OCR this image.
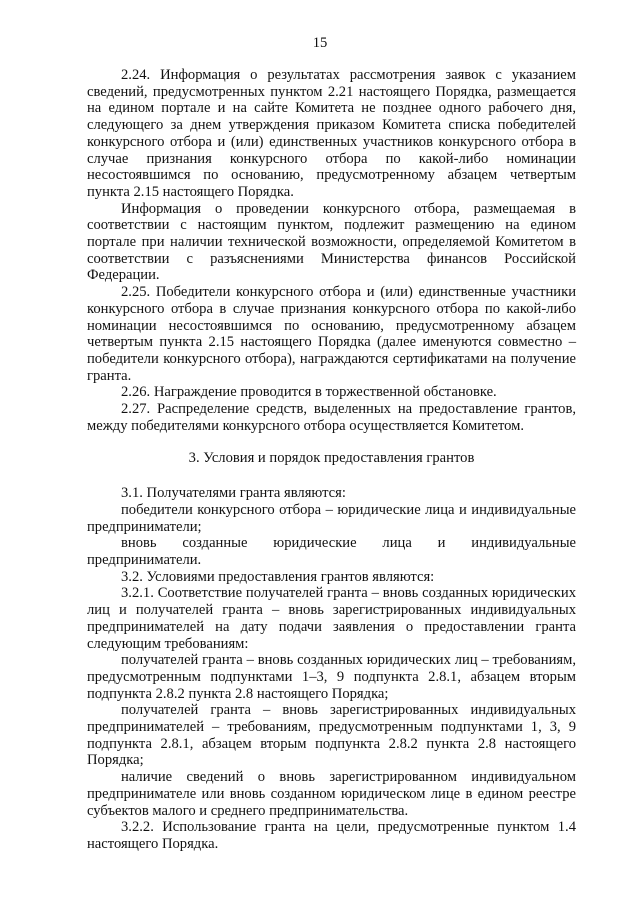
15

2.24. Информация о результатах рассмотрения заявок с указанием сведений, предусмотренных пунктом 2.21 настоящего Порядка, размещается на едином портале и на сайте Комитета не позднее одного рабочего дня, следующего за днем утверждения приказом Комитета списка победителей конкурсного отбора и (или) единственных участников конкурсного отбора в случае признания конкурсного отбора по какой-либо номинации несостоявшимся по основанию, предусмотренному абзацем четвертым пункта 2.15 настоящего Порядка.

Информация о проведении конкурсного отбора, размещаемая в соответствии с настоящим пунктом, подлежит размещению на едином портале при наличии технической возможности, определяемой Комитетом в соответствии с разъяснениями Министерства финансов Российской Федерации.

2.25. Победители конкурсного отбора и (или) единственные участники конкурсного отбора в случае признания конкурсного отбора по какой-либо номинации несостоявшимся по основанию, предусмотренному абзацем четвертым пункта 2.15 настоящего Порядка (далее именуются совместно – победители конкурсного отбора), награждаются сертификатами на получение гранта.

2.26. Награждение проводится в торжественной обстановке.

2.27. Распределение средств, выделенных на предоставление грантов, между победителями конкурсного отбора осуществляется Комитетом.

3. Условия и порядок предоставления грантов

3.1. Получателями гранта являются:

победители конкурсного отбора – юридические лица и индивидуальные предприниматели;

вновь созданные юридические лица и индивидуальные предприниматели.

3.2. Условиями предоставления грантов являются:

3.2.1. Соответствие получателей гранта – вновь созданных юридических лиц и получателей гранта – вновь зарегистрированных индивидуальных предпринимателей на дату подачи заявления о предоставлении гранта следующим требованиям:

получателей гранта – вновь созданных юридических лиц – требованиям, предусмотренным подпунктами 1–3, 9 подпункта 2.8.1, абзацем вторым подпункта 2.8.2 пункта 2.8 настоящего Порядка;

получателей гранта – вновь зарегистрированных индивидуальных предпринимателей – требованиям, предусмотренным подпунктами 1, 3, 9 подпункта 2.8.1, абзацем вторым подпункта 2.8.2 пункта 2.8 настоящего Порядка;

наличие сведений о вновь зарегистрированном индивидуальном предпринимателе или вновь созданном юридическом лице в едином реестре субъектов малого и среднего предпринимательства.

3.2.2. Использование гранта на цели, предусмотренные пунктом 1.4 настоящего Порядка.
